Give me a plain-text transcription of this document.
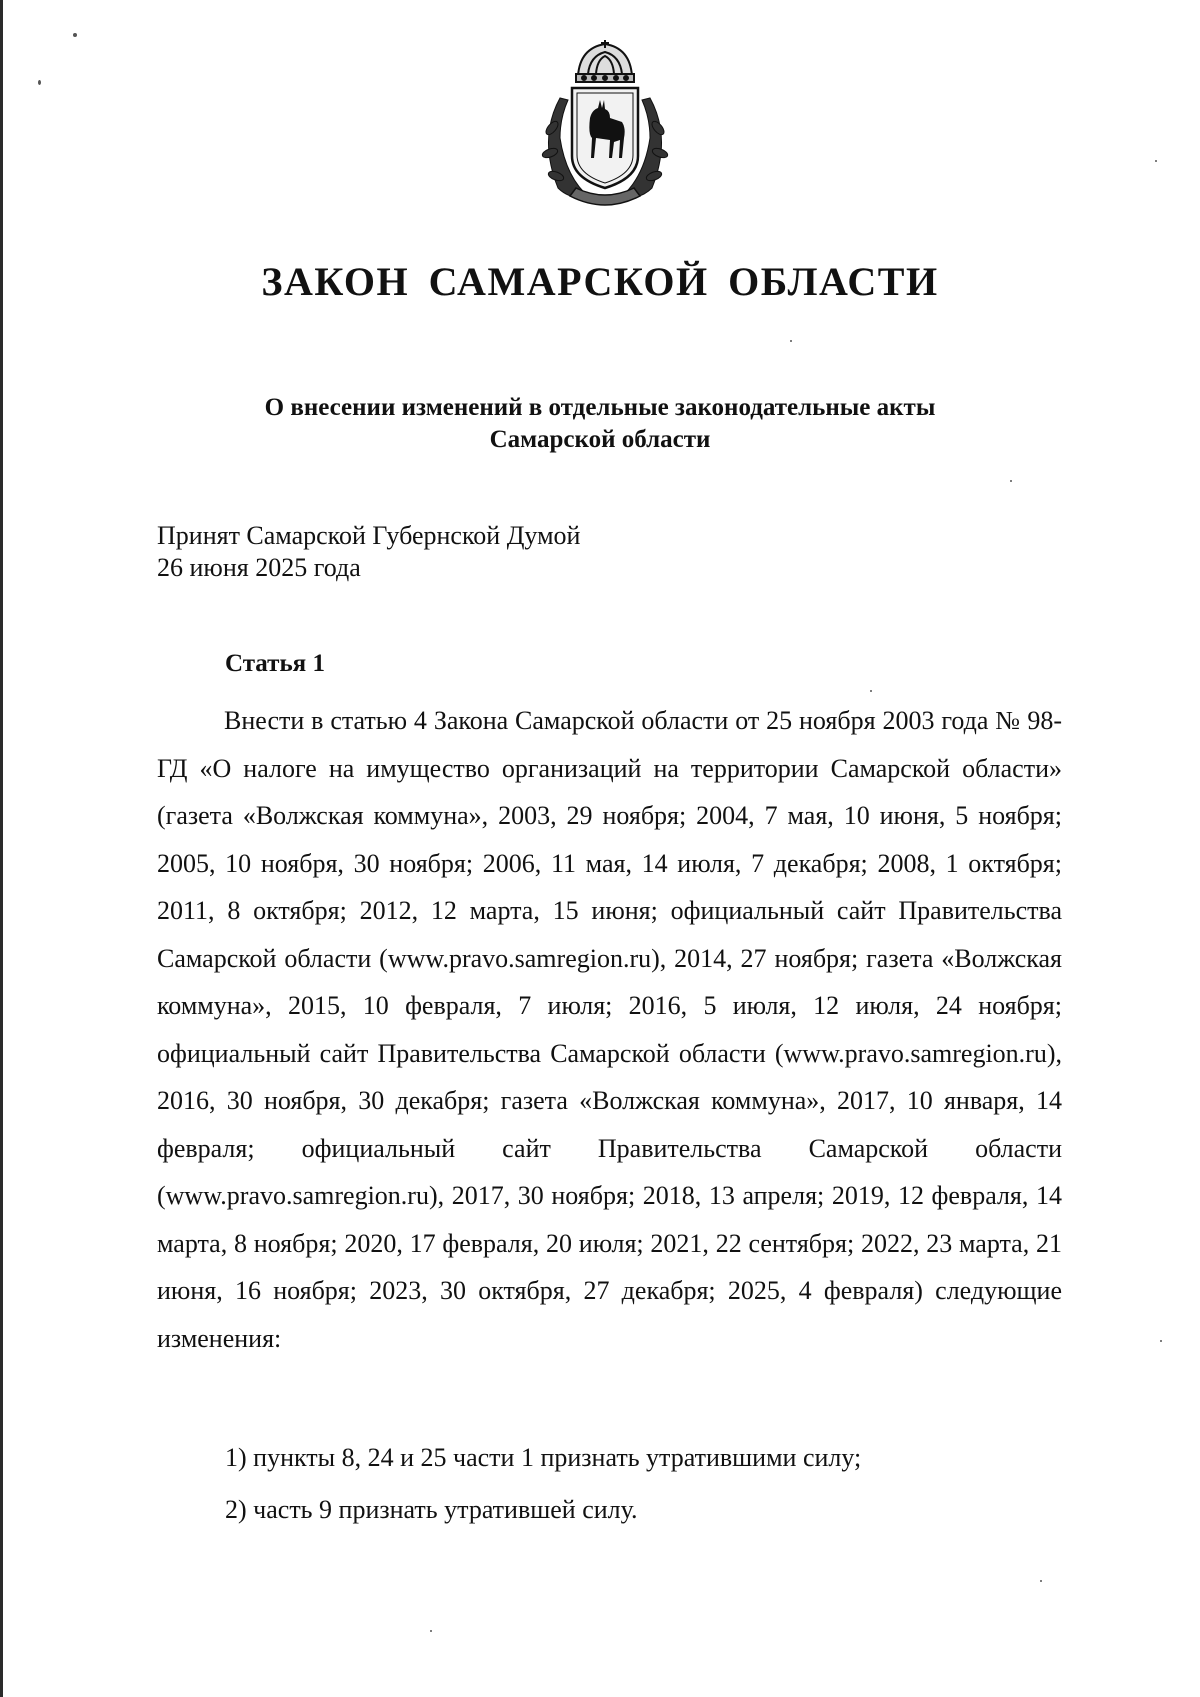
ЗАКОН САМАРСКОЙ ОБЛАСТИ
О внесении изменений в отдельные законодательные акты
Самарской области
Принят Самарской Губернской Думой
26 июня 2025 года
Статья 1

Внести в статью 4 Закона Самарской области от 25 ноября 2003 года № 98-ГД «О налоге на имущество организаций на территории Самарской области» (газета «Волжская коммуна», 2003, 29 ноября; 2004, 7 мая, 10 июня, 5 ноября; 2005, 10 ноября, 30 ноября; 2006, 11 мая, 14 июля, 7 декабря; 2008, 1 октября; 2011, 8 октября; 2012, 12 марта, 15 июня; официальный сайт Правительства Самарской области (www.pravo.samregion.ru), 2014, 27 ноября; газета «Волжская коммуна», 2015, 10 февраля, 7 июля; 2016, 5 июля, 12 июля, 24 ноября; официальный сайт Правительства Самарской области (www.pravo.samregion.ru), 2016, 30 ноября, 30 декабря; газета «Волжская коммуна», 2017, 10 января, 14 февраля; официальный сайт Правительства Самарской области (www.pravo.samregion.ru), 2017, 30 ноября; 2018, 13 апреля; 2019, 12 февраля, 14 марта, 8 ноября; 2020, 17 февраля, 20 июля; 2021, 22 сентября; 2022, 23 марта, 21 июня, 16 ноября; 2023, 30 октября, 27 декабря; 2025, 4 февраля) следующие изменения:

1) пункты 8, 24 и 25 части 1 признать утратившими силу;
2) часть 9 признать утратившей силу.
